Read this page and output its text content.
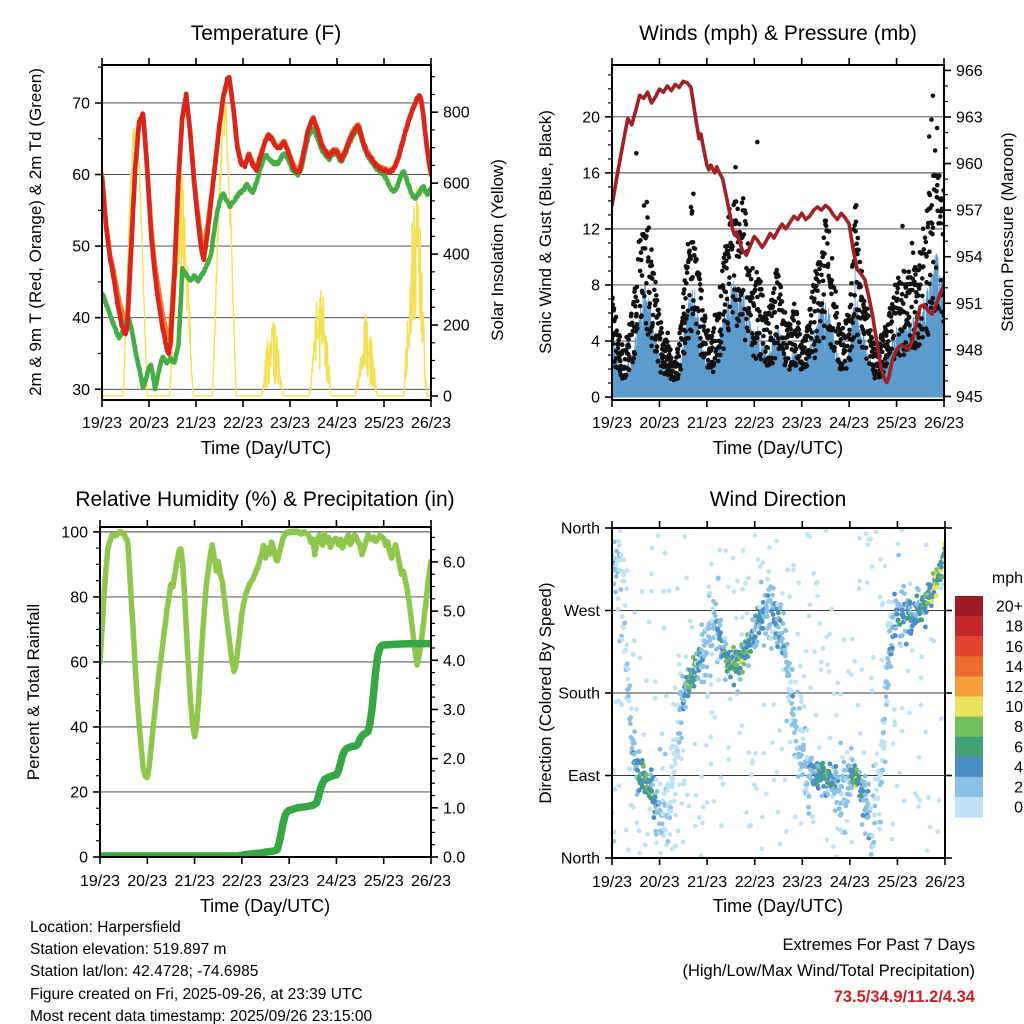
19/23 20/23 21/23 22/23 23/23 24/23 25/23 26/23
30
40
50
60
70
0
200
400
600
800
19/23 20/23 21/23 22/23 23/23 24/23 25/23 26/23
0
4
8
12
16
20
945
948
951
954
957
960
963
966
19/23 20/23 21/23 22/23 23/23 24/23 25/23 26/23
0
20
40
60
80
100
0.0
1.0
2.0
3.0
4.0
5.0
6.0
19/23 20/23 21/23 22/23 23/23 24/23 25/23 26/23
North
West
South
East
North
20+
18
16
14
12
10
8
6
4
2
0
Temperature (F)	Winds (mph) & Pressure (mb)
Relative Humidity (%) & Precipitation (in)	Wind Direction
Time (Day/UTC)	Time (Day/UTC)
Time (Day/UTC)	Time (Day/UTC)
2m & 9m T (Red, Orange) & 2m Td (Green)	Solar Insolation (Yellow) Sonic Wind & Gust (Blue, Black)	Station Pressure (Maroon)
Percent & Total Rainfall	Direction (Colored By Speed)
mph
Location: Harpersfield
Station elevation: 519.897 m
Station lat/lon: 42.4728; -74.6985
Figure created on Fri, 2025-09-26, at 23:39 UTC
Most recent data timestamp: 2025/09/26 23:15:00
Extremes For Past 7 Days
(High/Low/Max Wind/Total Precipitation)
73.5/34.9/11.2/4.34
